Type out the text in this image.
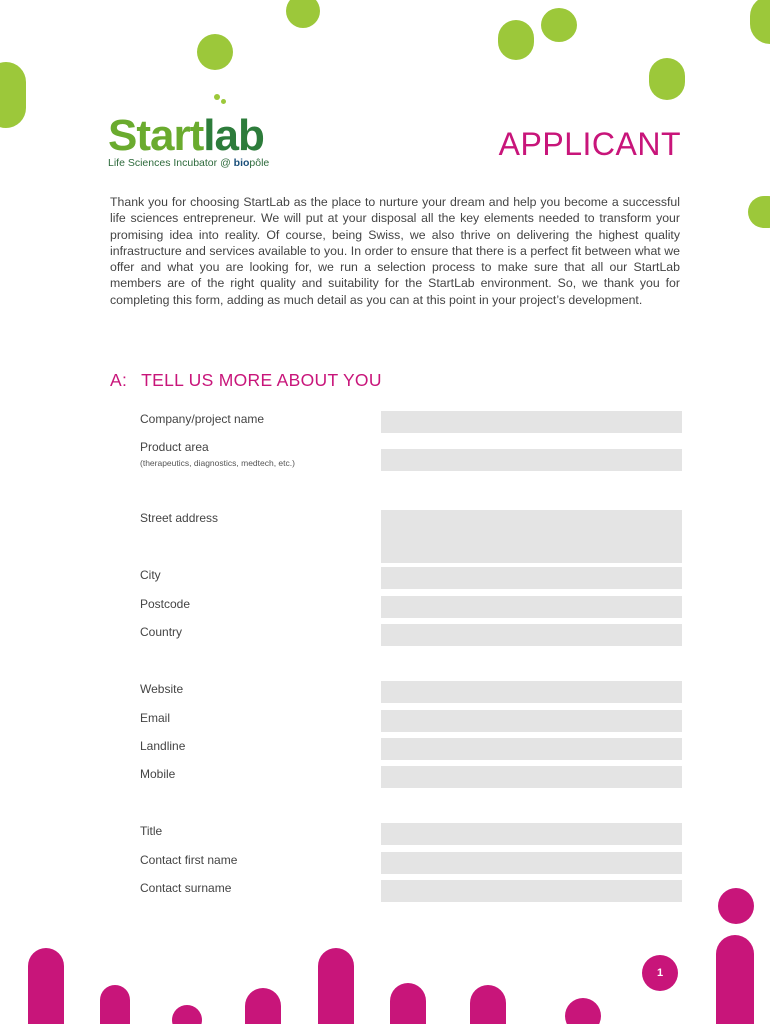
Startlab
Life Sciences Incubator @ biopôle
APPLICANT

Thank you for choosing StartLab as the place to nurture your dream and help you become a successful life sciences entrepreneur. We will put at your disposal all the key elements needed to transform your promising idea into reality. Of course, being Swiss, we also thrive on delivering the highest quality infrastructure and services available to you. In order to ensure that there is a perfect fit between what we offer and what you are looking for, we run a selection process to make sure that all our StartLab members are of the right quality and suitability for the StartLab environment. So, we thank you for completing this form, adding as much detail as you can at this point in your project’s development.

A: TELL US MORE ABOUT YOU
Company/project name
Product area
(therapeutics, diagnostics, medtech, etc.)
Street address
City
Postcode
Country
Website
Email
Landline
Mobile
Title
Contact first name
Contact surname
1
